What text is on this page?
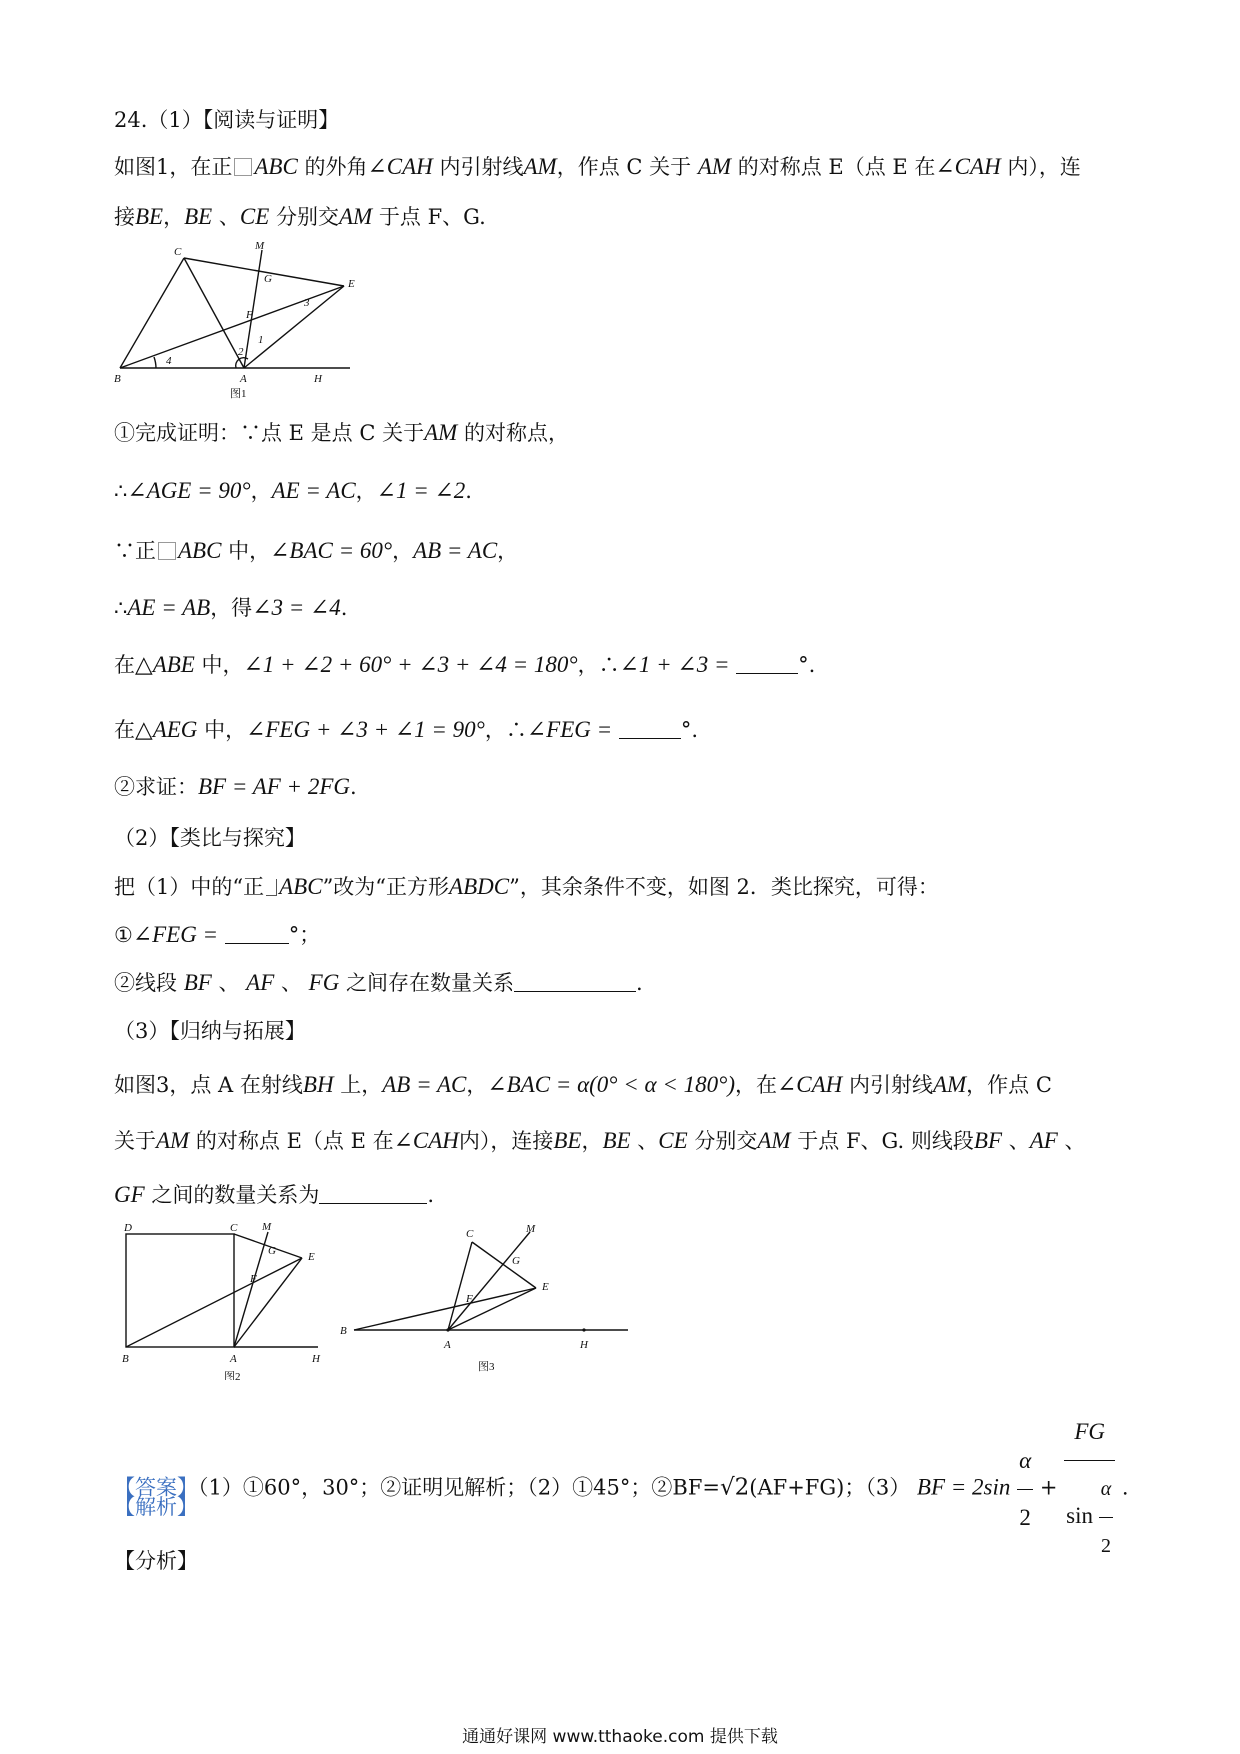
24.（1）【阅读与证明】
如图1，在正 ABC 的外角∠CAH 内引射线AM，作点 C 关于 AM 的对称点 E（点 E 在∠CAH 内），连
接BE，BE 、CE 分别交AM 于点 F、G.
C	M
G	E
F
3
2
1
4
B	A	H
图1
①完成证明：∵点 E 是点 C 关于AM 的对称点，
∴∠AGE = 90°，AE = AC，∠1 = ∠2.
∵正 ABC 中，∠BAC = 60°，AB = AC，
∴AE = AB，得∠3 = ∠4.
在△ABE 中，∠1 + ∠2 + 60° + ∠3 + ∠4 = 180°，∴∠1 + ∠3 =	°.
在△AEG 中，∠FEG + ∠3 + ∠1 = 90°，∴∠FEG =	°.
②求证：BF = AF + 2FG.
（2）【类比与探究】
把（1）中的“正 ABC”改为“正方形ABDC”，其余条件不变，如图 2．类比探究，可得：
①∠FEG =	°；
②线段 BF 、 AF 、 FG 之间存在数量关系	.
（3）【归纳与拓展】
如图3，点 A 在射线BH 上，AB = AC，∠BAC = α(0° < α < 180°)，在∠CAH 内引射线AM，作点 C
关于AM 的对称点 E（点 E 在∠CAH内），连接BE，BE 、CE 分别交AM 于点 F、G. 则线段BF 、AF 、
GF 之间的数量关系为	.
D	C M
G	E
F
B	A	H
图2
C	M
G
F
E
B
A	H
图3
【答案】（1）①60°，30°；②证明见解析；（2）①45°；②BF=√2(AF+FG)；（3） BF = $2\sin \frac{\alpha}{2} + \frac{FG}{\sin \frac{\alpha}{2}}$ .
【解析】
【分析】
通通好课网 www.tthaoke.com 提供下载
